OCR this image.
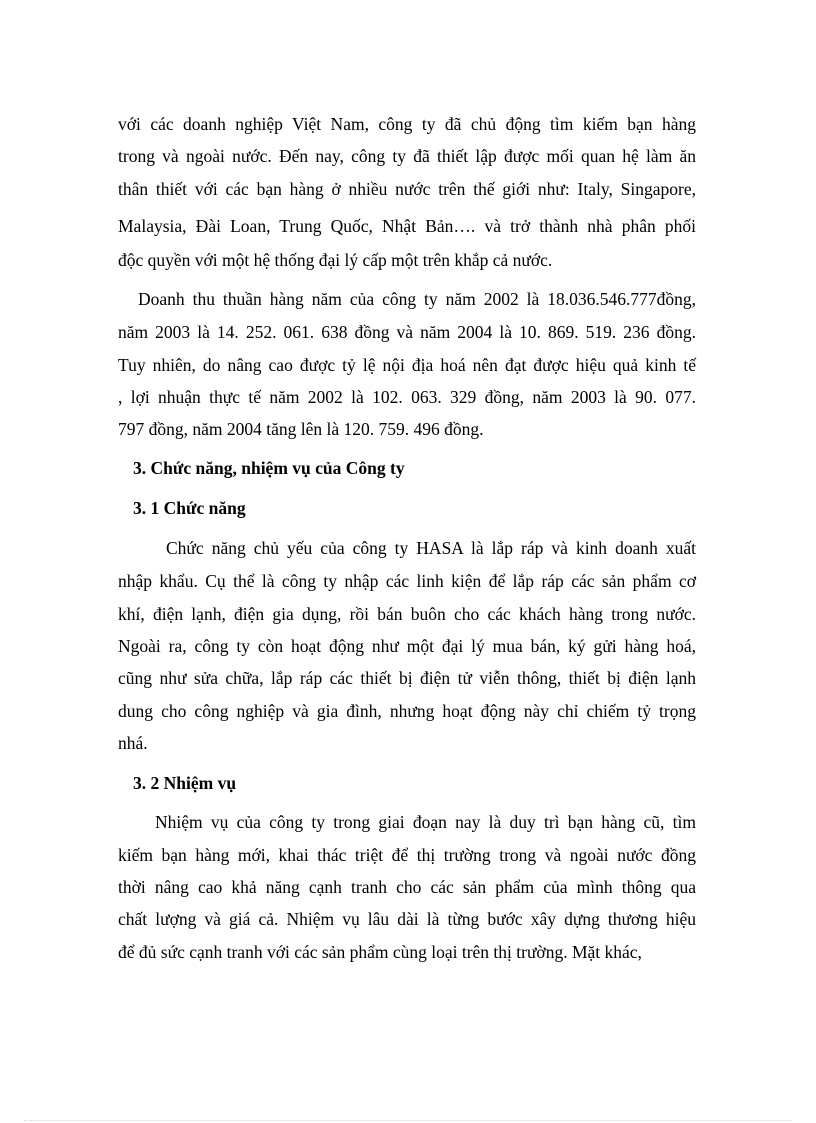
với các doanh nghiệp Việt Nam, công ty đã chủ động tìm kiếm bạn hàng
trong và ngoài nước. Đến nay, công ty đã thiết lập được mối quan hệ làm ăn
thân thiết với các bạn hàng ở nhiều nước trên thế giới như: Italy, Singapore,
Malaysia, Đài Loan, Trung Quốc, Nhật Bản…. và trở thành nhà phân phối
độc quyền với một hệ thống đại lý cấp một trên khắp cả nước.
Doanh thu thuần hàng năm của công ty năm 2002 là 18.036.546.777đồng,
năm 2003 là 14. 252. 061. 638 đồng và năm 2004 là 10. 869. 519. 236 đồng.
Tuy nhiên, do nâng cao được tỷ lệ nội địa hoá nên đạt được hiệu quả kinh tế
, lợi nhuận thực tế năm 2002 là 102. 063. 329 đồng, năm 2003 là 90. 077.
797 đồng, năm 2004 tăng lên là 120. 759. 496 đồng.
3. Chức năng, nhiệm vụ của Công ty
3. 1 Chức năng
Chức năng chủ yếu của công ty HASA là lắp ráp và kinh doanh xuất
nhập khẩu. Cụ thể là công ty nhập các linh kiện để lắp ráp các sản phẩm cơ
khí, điện lạnh, điện gia dụng, rồi bán buôn cho các khách hàng trong nước.
Ngoài ra, công ty còn hoạt động như một đại lý mua bán, ký gửi hàng hoá,
cũng như sửa chữa, lắp ráp các thiết bị điện tử viễn thông, thiết bị điện lạnh
dung cho công nghiệp và gia đình, nhưng hoạt động này chỉ chiếm tỷ trọng
nhá.
3. 2 Nhiệm vụ
Nhiệm vụ của công ty trong giai đoạn nay là duy trì bạn hàng cũ, tìm
kiếm bạn hàng mới, khai thác triệt để thị trường trong và ngoài nước đồng
thời nâng cao khả năng cạnh tranh cho các sản phẩm của mình thông qua
chất lượng và giá cả. Nhiệm vụ lâu dài là từng bước xây dựng thương hiệu
để đủ sức cạnh tranh với các sản phẩm cùng loại trên thị trường. Mặt khác,
